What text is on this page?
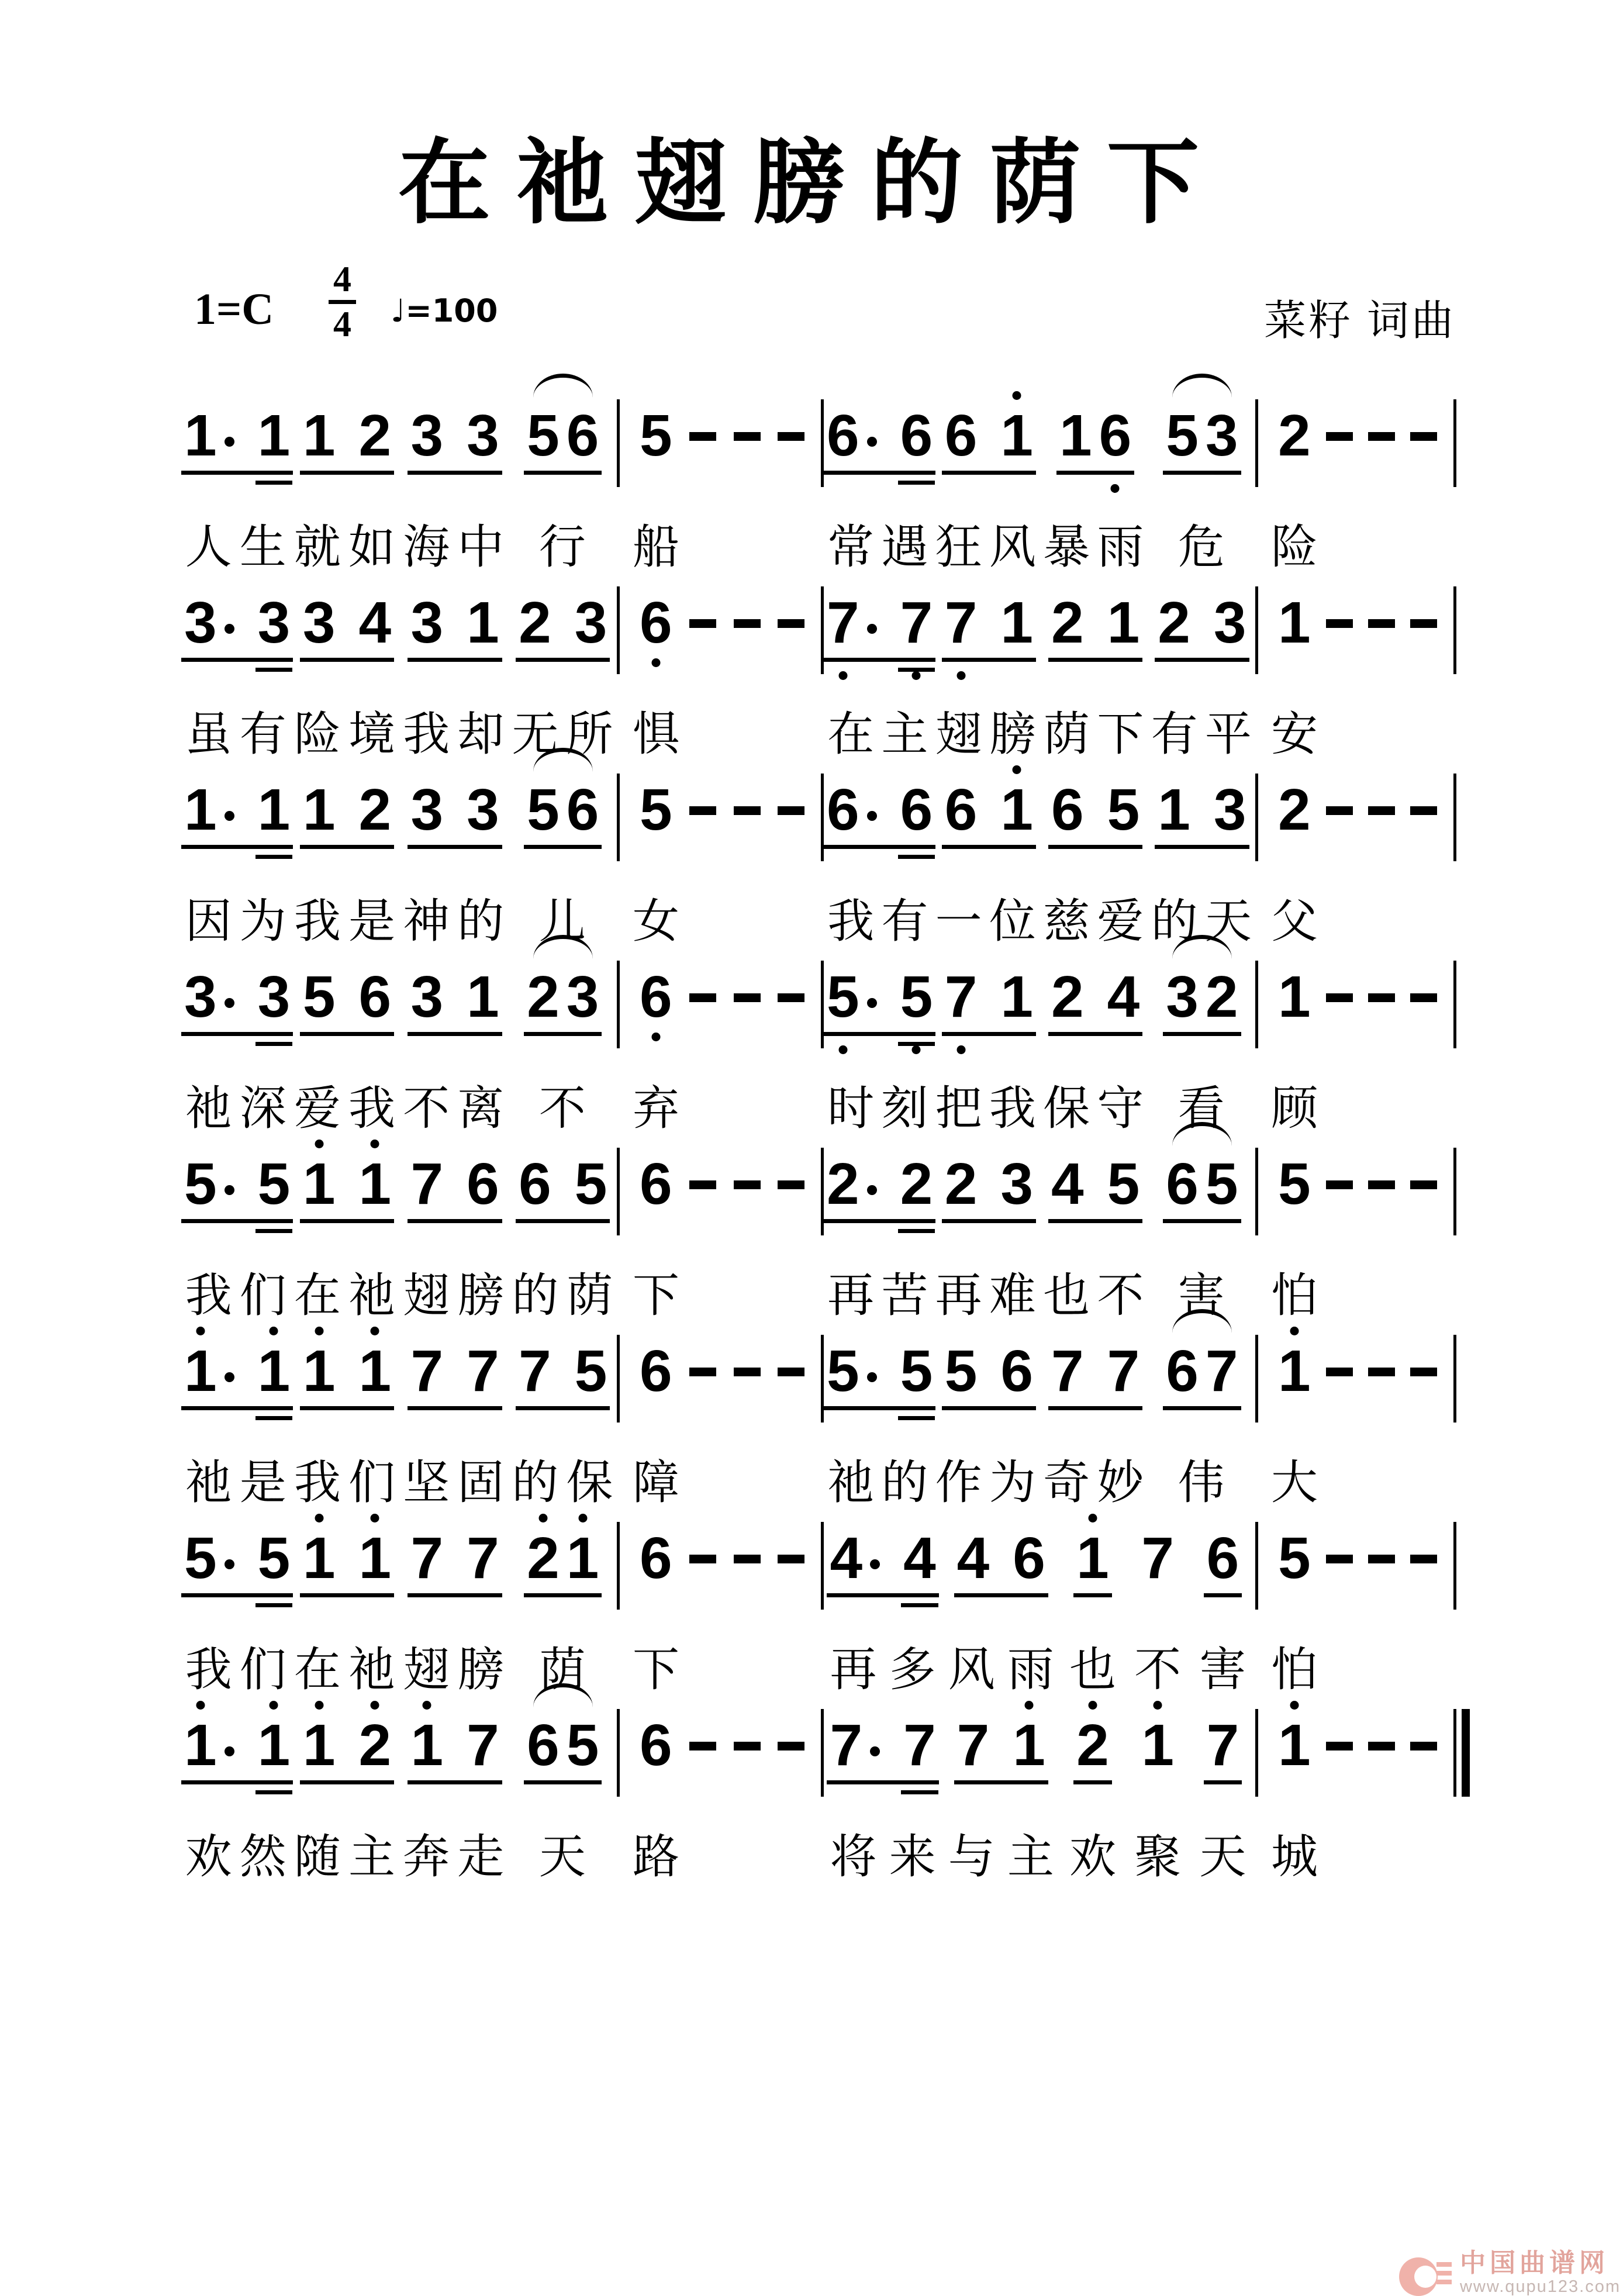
在祂翅膀的荫下
$1=C \frac{4}{4}$ ♩=100	菜籽 词曲
1 1 1 2 3 3 5 6 5	6 6 6 1 1 6 5 3 2
人 生 就 如 海 中 行 船	常 遇 狂 风 暴 雨 危 险
3 3 3 4 3 1 2 3 6	7 7 7 1 2 1 2 3 1
虽 有 险 境 我 却 无 所 惧	在 主 翅 膀 荫 下 有 平 安
1 1 1 2 3 3 5 6 5	6 6 6 1 6 5 1 3 2
因 为 我 是 神 的 儿 女	我 有 一 位 慈 爱 的 天 父
3 3 5 6 3 1 2 3 6	5 5 7 1 2 4 3 2 1
祂 深 爱 我 不 离 不 弃	时 刻 把 我 保 守 看 顾
5 5 1 1 7 6 6 5 6	2 2 2 3 4 5 6 5 5
我 们 在 祂 翅 膀 的 荫 下	再 苦 再 难 也 不 害 怕
1 1 1 1 7 7 7 5 6	5 5 5 6 7 7 6 7 1
祂 是 我 们 坚 固 的 保 障	祂 的 作 为 奇 妙 伟 大
5 5 1 1 7 7 2 1 6	4 4 4 6 1 7 6 5
我 们 在 祂 翅 膀 荫 下	再 多 风 雨 也 不 害 怕
1 1 1 2 1 7 6 5 6	7 7 7 1 2 1 7 1
欢 然 随 主 奔 走 天 路	将 来 与 主 欢 聚 天 城
中国曲谱网
www.qupu123.com
